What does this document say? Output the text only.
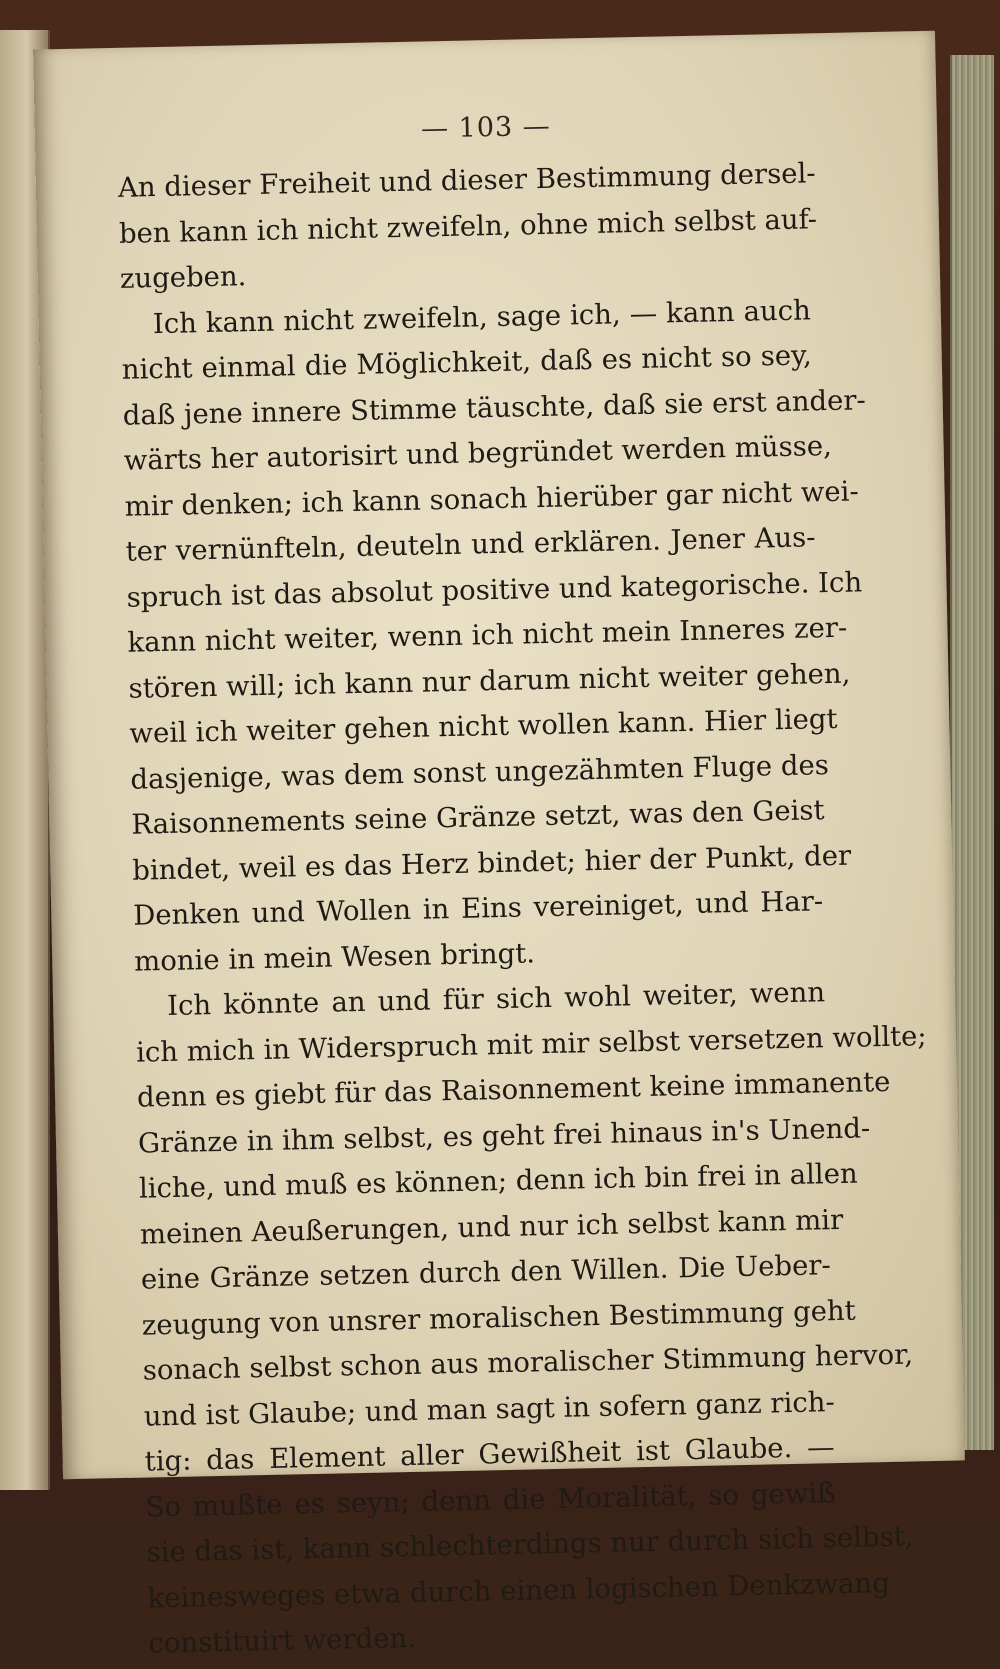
— 103 —
An dieser Freiheit und dieser Bestimmung dersel-
ben kann ich nicht zweifeln, ohne mich selbst auf-
zugeben.
Ich kann nicht zweifeln, sage ich, — kann auch
nicht einmal die Möglichkeit, daß es nicht so sey,
daß jene innere Stimme täuschte, daß sie erst ander-
wärts her autorisirt und begründet werden müsse,
mir denken; ich kann sonach hierüber gar nicht wei-
ter vernünfteln, deuteln und erklären. Jener Aus-
spruch ist das absolut positive und kategorische. Ich
kann nicht weiter, wenn ich nicht mein Inneres zer-
stören will; ich kann nur darum nicht weiter gehen,
weil ich weiter gehen nicht wollen kann. Hier liegt
dasjenige, was dem sonst ungezähmten Fluge des
Raisonnements seine Gränze setzt, was den Geist
bindet, weil es das Herz bindet; hier der Punkt, der
Denken und Wollen in Eins vereiniget, und Har-
monie in mein Wesen bringt.
Ich könnte an und für sich wohl weiter, wenn
ich mich in Widerspruch mit mir selbst versetzen wollte;
denn es giebt für das Raisonnement keine immanente
Gränze in ihm selbst, es geht frei hinaus in's Unend-
liche, und muß es können; denn ich bin frei in allen
meinen Aeußerungen, und nur ich selbst kann mir
eine Gränze setzen durch den Willen. Die Ueber-
zeugung von unsrer moralischen Bestimmung geht
sonach selbst schon aus moralischer Stimmung hervor,
und ist Glaube; und man sagt in sofern ganz rich-
tig: das Element aller Gewißheit ist Glaube. —
So mußte es seyn; denn die Moralität, so gewiß
sie das ist, kann schlechterdings nur durch sich selbst,
keinesweges etwa durch einen logischen Denkzwang
constituirt werden.
